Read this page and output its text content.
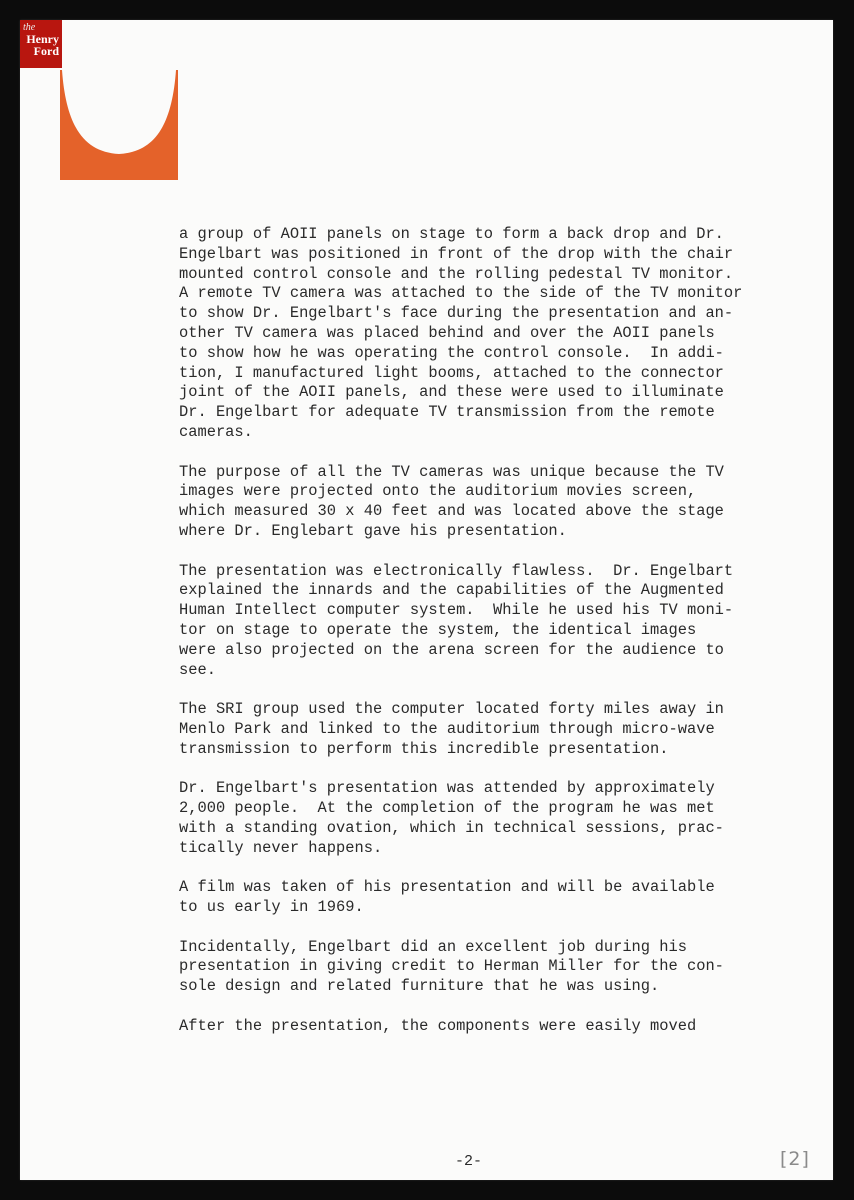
the
Henry
Ford

a group of AOII panels on stage to form a back drop and Dr.
Engelbart was positioned in front of the drop with the chair
mounted control console and the rolling pedestal TV monitor.
A remote TV camera was attached to the side of the TV monitor
to show Dr. Engelbart's face during the presentation and an-
other TV camera was placed behind and over the AOII panels
to show how he was operating the control console.  In addi-
tion, I manufactured light booms, attached to the connector
joint of the AOII panels, and these were used to illuminate
Dr. Engelbart for adequate TV transmission from the remote
cameras.

The purpose of all the TV cameras was unique because the TV
images were projected onto the auditorium movies screen,
which measured 30 x 40 feet and was located above the stage
where Dr. Englebart gave his presentation.

The presentation was electronically flawless.  Dr. Engelbart
explained the innards and the capabilities of the Augmented
Human Intellect computer system.  While he used his TV moni-
tor on stage to operate the system, the identical images
were also projected on the arena screen for the audience to
see.

The SRI group used the computer located forty miles away in
Menlo Park and linked to the auditorium through micro-wave
transmission to perform this incredible presentation.

Dr. Engelbart's presentation was attended by approximately
2,000 people.  At the completion of the program he was met
with a standing ovation, which in technical sessions, prac-
tically never happens.

A film was taken of his presentation and will be available
to us early in 1969.

Incidentally, Engelbart did an excellent job during his
presentation in giving credit to Herman Miller for the con-
sole design and related furniture that he was using.

After the presentation, the components were easily moved

-2-	[2]
